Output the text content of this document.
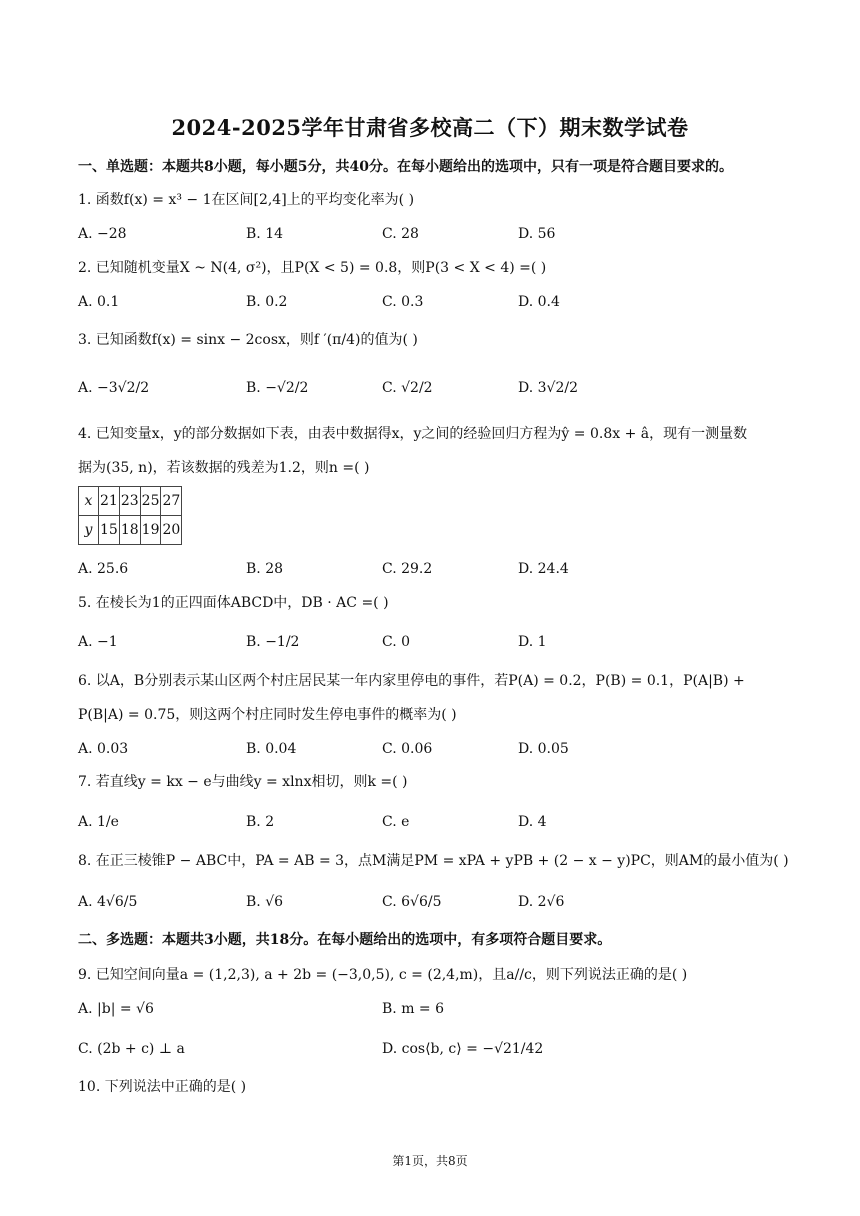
2024-2025学年甘肃省多校高二（下）期末数学试卷
一、单选题：本题共8小题，每小题5分，共40分。在每小题给出的选项中，只有一项是符合题目要求的。
1. 函数f(x) = x³ − 1在区间[2,4]上的平均变化率为( )
A. −28	B. 14	C. 28	D. 56
2. 已知随机变量X ~ N(4, σ²)，且P(X < 5) = 0.8，则P(3 < X < 4) =( )
A. 0.1	B. 0.2	C. 0.3	D. 0.4
3. 已知函数f(x) = sinx − 2cosx，则f ′(π/4)的值为( )
A. −3√2/2	B. −√2/2	C. √2/2	D. 3√2/2
4. 已知变量x，y的部分数据如下表，由表中数据得x，y之间的经验回归方程为ŷ = 0.8x + â，现有一测量数
据为(35, n)，若该数据的残差为1.2，则n =( )
x	21	23	25	27
y	15	18	19	20
A. 25.6	B. 28	C. 29.2	D. 24.4
5. 在棱长为1的正四面体ABCD中，DB · AC =( )
A. −1	B. −1/2	C. 0	D. 1
6. 以A，B分别表示某山区两个村庄居民某一年内家里停电的事件，若P(A) = 0.2，P(B) = 0.1，P(A|B) +
P(B|A) = 0.75，则这两个村庄同时发生停电事件的概率为( )
A. 0.03	B. 0.04	C. 0.06	D. 0.05
7. 若直线y = kx − e与曲线y = xlnx相切，则k =( )
A. 1/e	B. 2	C. e	D. 4
8. 在正三棱锥P − ABC中，PA = AB = 3，点M满足PM = xPA + yPB + (2 − x − y)PC，则AM的最小值为( )
A. 4√6/5	B. √6	C. 6√6/5	D. 2√6
二、多选题：本题共3小题，共18分。在每小题给出的选项中，有多项符合题目要求。
9. 已知空间向量a = (1,2,3), a + 2b = (−3,0,5), c = (2,4,m)，且a//c，则下列说法正确的是( )
A. |b| = √6	B. m = 6
C. (2b + c) ⊥ a	D. cos⟨b, c⟩ = −√21/42
10. 下列说法中正确的是( )
第1页，共8页
